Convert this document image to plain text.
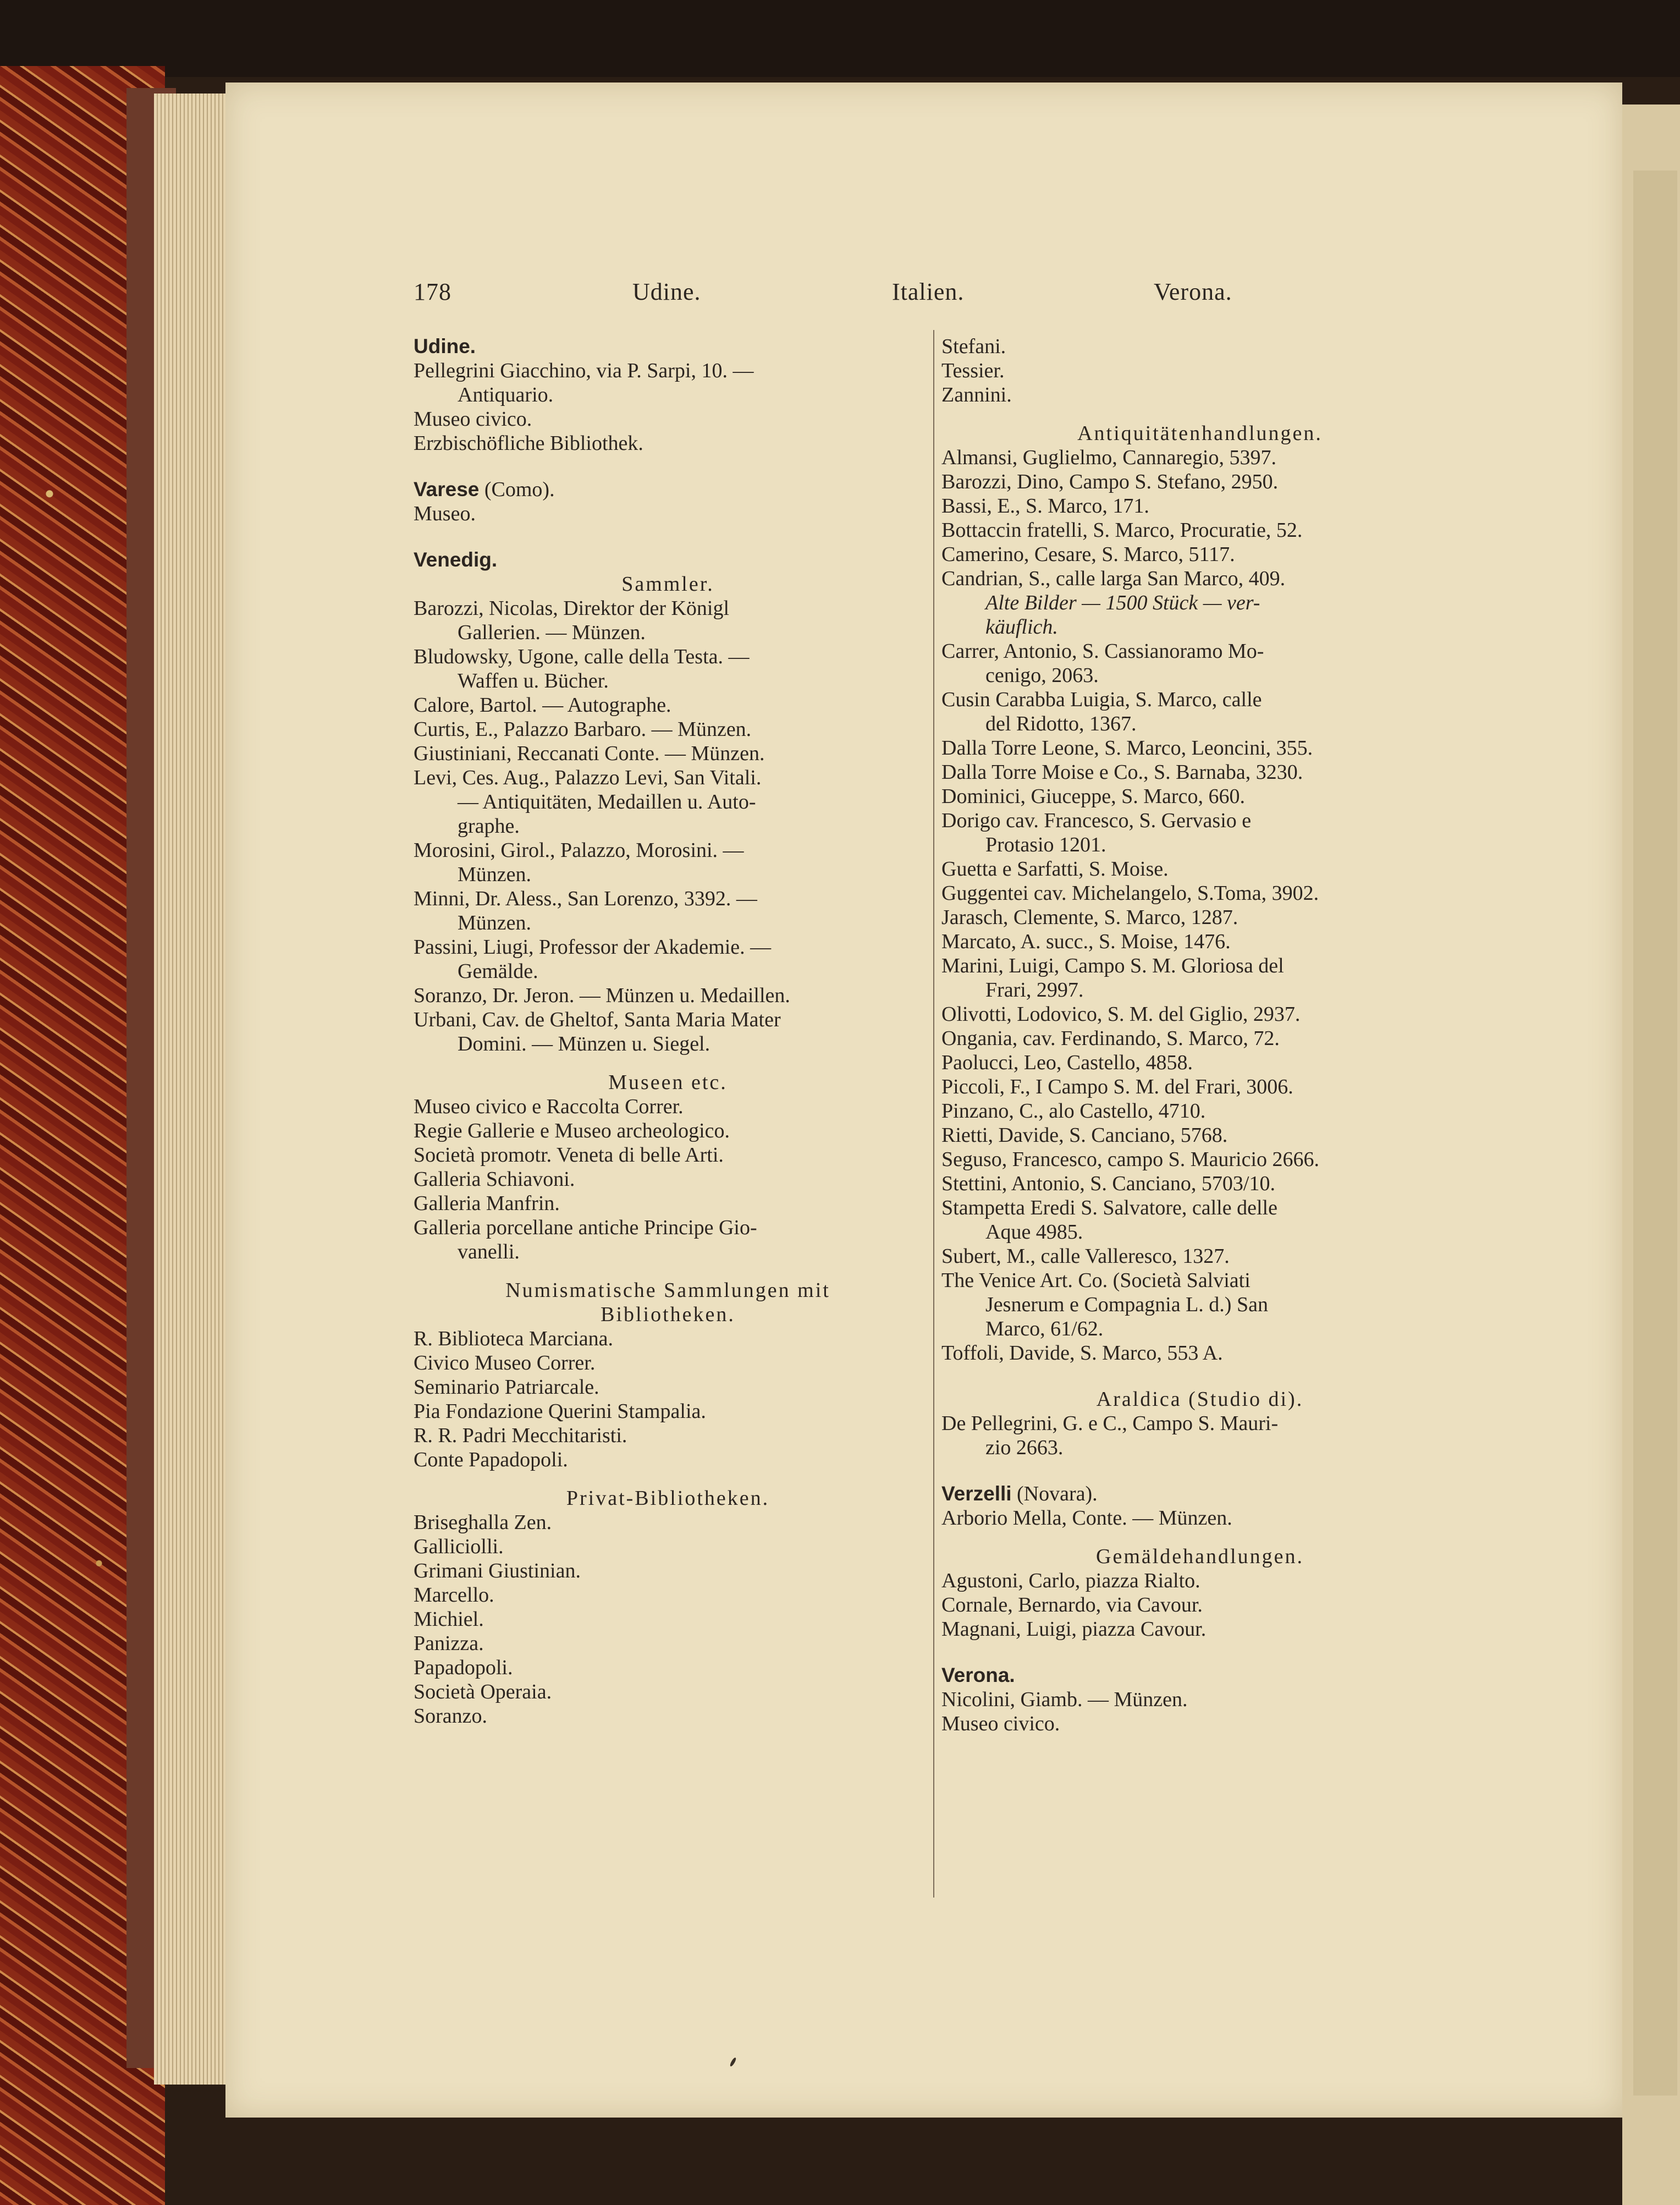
178	Udine.	Italien.	Verona.
Udine.
Pellegrini Giacchino, via P. Sarpi, 10. —
Antiquario.
Museo civico.
Erzbischöfliche Bibliothek.
Varese (Como).
Museo.
Venedig.
Sammler.
Barozzi, Nicolas, Direktor der Königl
Gallerien. — Münzen.
Bludowsky, Ugone, calle della Testa. —
Waffen u. Bücher.
Calore, Bartol. — Autographe.
Curtis, E., Palazzo Barbaro. — Münzen.
Giustiniani, Reccanati Conte. — Münzen.
Levi, Ces. Aug., Palazzo Levi, San Vitali.
— Antiquitäten, Medaillen u. Auto-
graphe.
Morosini, Girol., Palazzo, Morosini. —
Münzen.
Minni, Dr. Aless., San Lorenzo, 3392. —
Münzen.
Passini, Liugi, Professor der Akademie. —
Gemälde.
Soranzo, Dr. Jeron. — Münzen u. Medaillen.
Urbani, Cav. de Gheltof, Santa Maria Mater
Domini. — Münzen u. Siegel.
Museen etc.
Museo civico e Raccolta Correr.
Regie Gallerie e Museo archeologico.
Società promotr. Veneta di belle Arti.
Galleria Schiavoni.
Galleria Manfrin.
Galleria porcellane antiche Principe Gio-
vanelli.
Numismatische Sammlungen mit
Bibliotheken.
R. Biblioteca Marciana.
Civico Museo Correr.
Seminario Patriarcale.
Pia Fondazione Querini Stampalia.
R. R. Padri Mecchitaristi.
Conte Papadopoli.
Privat-Bibliotheken.
Briseghalla Zen.
Galliciolli.
Grimani Giustinian.
Marcello.
Michiel.
Panizza.
Papadopoli.
Società Operaia.
Soranzo.
Stefani.
Tessier.
Zannini.
Antiquitätenhandlungen.
Almansi, Guglielmo, Cannaregio, 5397.
Barozzi, Dino, Campo S. Stefano, 2950.
Bassi, E., S. Marco, 171.
Bottaccin fratelli, S. Marco, Procuratie, 52.
Camerino, Cesare, S. Marco, 5117.
Candrian, S., calle larga San Marco, 409.
Alte Bilder — 1500 Stück — ver-
käuflich.
Carrer, Antonio, S. Cassianoramo Mo-
cenigo, 2063.
Cusin Carabba Luigia, S. Marco, calle
del Ridotto, 1367.
Dalla Torre Leone, S. Marco, Leoncini, 355.
Dalla Torre Moise e Co., S. Barnaba, 3230.
Dominici, Giuceppe, S. Marco, 660.
Dorigo cav. Francesco, S. Gervasio e
Protasio 1201.
Guetta e Sarfatti, S. Moise.
Guggentei cav. Michelangelo, S.Toma, 3902.
Jarasch, Clemente, S. Marco, 1287.
Marcato, A. succ., S. Moise, 1476.
Marini, Luigi, Campo S. M. Gloriosa del
Frari, 2997.
Olivotti, Lodovico, S. M. del Giglio, 2937.
Ongania, cav. Ferdinando, S. Marco, 72.
Paolucci, Leo, Castello, 4858.
Piccoli, F., I Campo S. M. del Frari, 3006.
Pinzano, C., alo Castello, 4710.
Rietti, Davide, S. Canciano, 5768.
Seguso, Francesco, campo S. Mauricio 2666.
Stettini, Antonio, S. Canciano, 5703/10.
Stampetta Eredi S. Salvatore, calle delle
Aque 4985.
Subert, M., calle Valleresco, 1327.
The Venice Art. Co. (Società Salviati
Jesnerum e Compagnia L. d.) San
Marco, 61/62.
Toffoli, Davide, S. Marco, 553 A.
Araldica (Studio di).
De Pellegrini, G. e C., Campo S. Mauri-
zio 2663.
Verzelli (Novara).
Arborio Mella, Conte. — Münzen.
Gemäldehandlungen.
Agustoni, Carlo, piazza Rialto.
Cornale, Bernardo, via Cavour.
Magnani, Luigi, piazza Cavour.
Verona.
Nicolini, Giamb. — Münzen.
Museo civico.
